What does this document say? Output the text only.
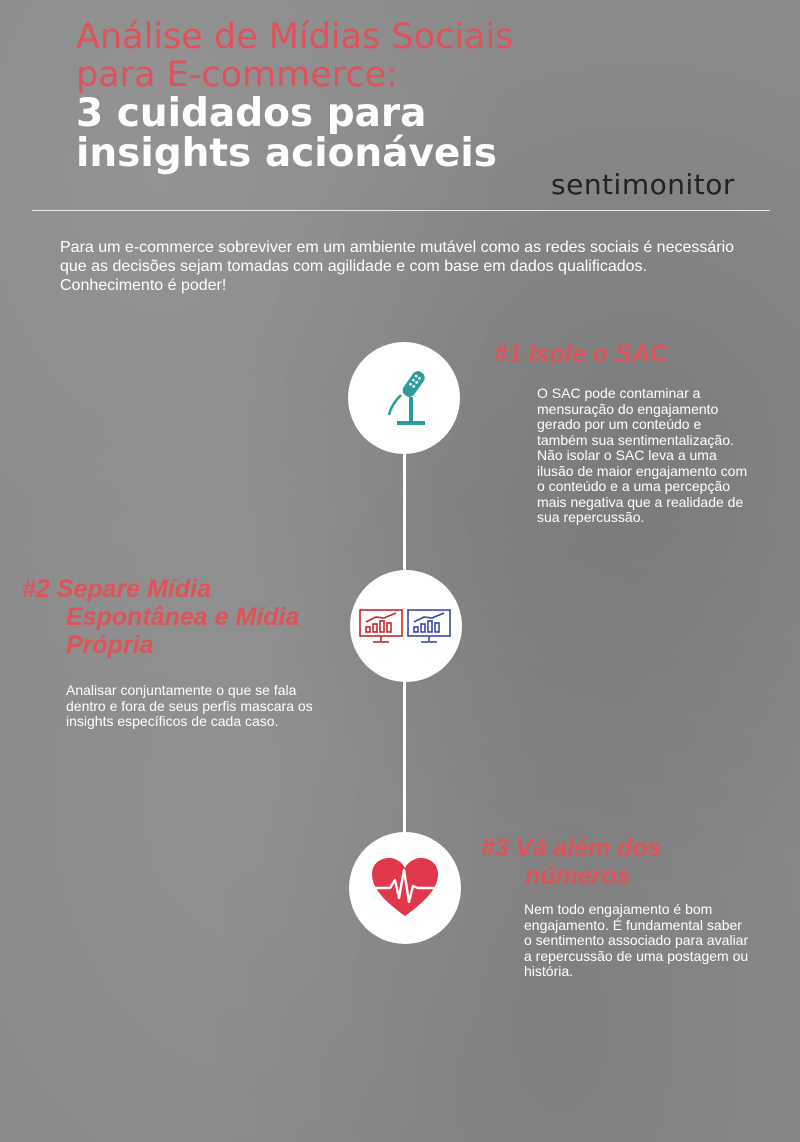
Análise de Mídias Sociais
para E-commerce:
3 cuidados para
insights acionáveis
sentimonitor
Para um e-commerce sobreviver em um ambiente mutável como as redes sociais é necessário que as decisões sejam tomadas com agilidade e com base em dados qualificados. Conhecimento é poder!
#1 Isole o SAC
O SAC pode contaminar a mensuração do engajamento gerado por um conteúdo e também sua sentimentalização. Não isolar o SAC leva a uma ilusão de maior engajamento com o conteúdo e a uma percepção mais negativa que a realidade de sua repercussão.
#2 Separe Mídia
Espontânea e Mídia
Própria
Analisar conjuntamente o que se fala dentro e fora de seus perfis mascara os insights específicos de cada caso.
#3 Vá além dos
números
Nem todo engajamento é bom engajamento. É fundamental saber o sentimento associado para avaliar a repercussão de uma postagem ou história.
